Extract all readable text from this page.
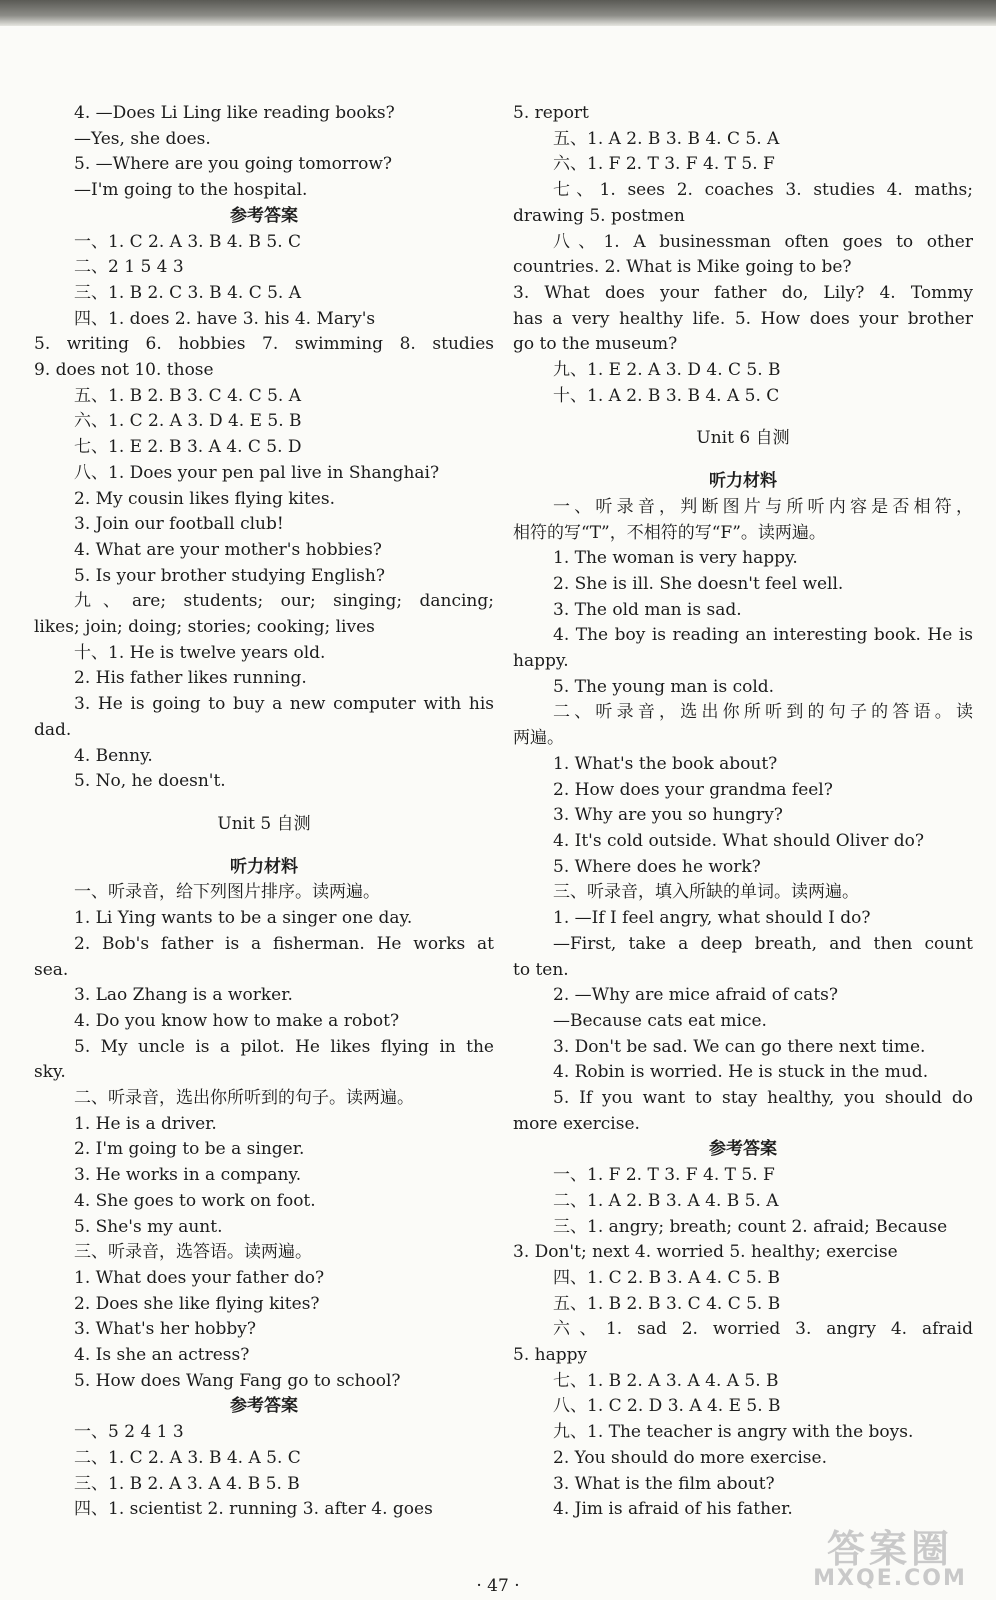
4. —Does Li Ling like reading books?
—Yes, she does.
5. —Where are you going tomorrow?
—I'm going to the hospital.
参考答案
一、1. C 2. A 3. B 4. B 5. C
二、2 1 5 4 3
三、1. B 2. C 3. B 4. C 5. A
四、1. does 2. have 3. his 4. Mary's
5. writing 6. hobbies 7. swimming 8. studies
9. does not 10. those
五、1. B 2. B 3. C 4. C 5. A
六、1. C 2. A 3. D 4. E 5. B
七、1. E 2. B 3. A 4. C 5. D
八、1. Does your pen pal live in Shanghai?
2. My cousin likes flying kites.
3. Join our football club!
4. What are your mother's hobbies?
5. Is your brother studying English?
九、are; students; our; singing; dancing;
likes; join; doing; stories; cooking; lives
十、1. He is twelve years old.
2. His father likes running.
3. He is going to buy a new computer with his
dad.
4. Benny.
5. No, he doesn't.
Unit 5 自测
听力材料
一、听录音，给下列图片排序。读两遍。
1. Li Ying wants to be a singer one day.
2. Bob's father is a fisherman. He works at
sea.
3. Lao Zhang is a worker.
4. Do you know how to make a robot?
5. My uncle is a pilot. He likes flying in the
sky.
二、听录音，选出你所听到的句子。读两遍。
1. He is a driver.
2. I'm going to be a singer.
3. He works in a company.
4. She goes to work on foot.
5. She's my aunt.
三、听录音，选答语。读两遍。
1. What does your father do?
2. Does she like flying kites?
3. What's her hobby?
4. Is she an actress?
5. How does Wang Fang go to school?
参考答案
一、5 2 4 1 3
二、1. C 2. A 3. B 4. A 5. C
三、1. B 2. A 3. A 4. B 5. B
四、1. scientist 2. running 3. after 4. goes
5. report
五、1. A 2. B 3. B 4. C 5. A
六、1. F 2. T 3. F 4. T 5. F
七、1. sees 2. coaches 3. studies 4. maths;
drawing 5. postmen
八、1. A businessman often goes to other
countries. 2. What is Mike going to be?
3. What does your father do, Lily? 4. Tommy
has a very healthy life. 5. How does your brother
go to the museum?
九、1. E 2. A 3. D 4. C 5. B
十、1. A 2. B 3. B 4. A 5. C
Unit 6 自测
听力材料
一、听录音，判断图片与所听内容是否相符，
相符的写“T”，不相符的写“F”。读两遍。
1. The woman is very happy.
2. She is ill. She doesn't feel well.
3. The old man is sad.
4. The boy is reading an interesting book. He is
happy.
5. The young man is cold.
二、听录音，选出你所听到的句子的答语。读
两遍。
1. What's the book about?
2. How does your grandma feel?
3. Why are you so hungry?
4. It's cold outside. What should Oliver do?
5. Where does he work?
三、听录音，填入所缺的单词。读两遍。
1. —If I feel angry, what should I do?
—First, take a deep breath, and then count
to ten.
2. —Why are mice afraid of cats?
—Because cats eat mice.
3. Don't be sad. We can go there next time.
4. Robin is worried. He is stuck in the mud.
5. If you want to stay healthy, you should do
more exercise.
参考答案
一、1. F 2. T 3. F 4. T 5. F
二、1. A 2. B 3. A 4. B 5. A
三、1. angry; breath; count 2. afraid; Because
3. Don't; next 4. worried 5. healthy; exercise
四、1. C 2. B 3. A 4. C 5. B
五、1. B 2. B 3. C 4. C 5. B
六、1. sad 2. worried 3. angry 4. afraid
5. happy
七、1. B 2. A 3. A 4. A 5. B
八、1. C 2. D 3. A 4. E 5. B
九、1. The teacher is angry with the boys.
2. You should do more exercise.
3. What is the film about?
4. Jim is afraid of his father.
· 47 ·
答案圈
MXQE.COM
